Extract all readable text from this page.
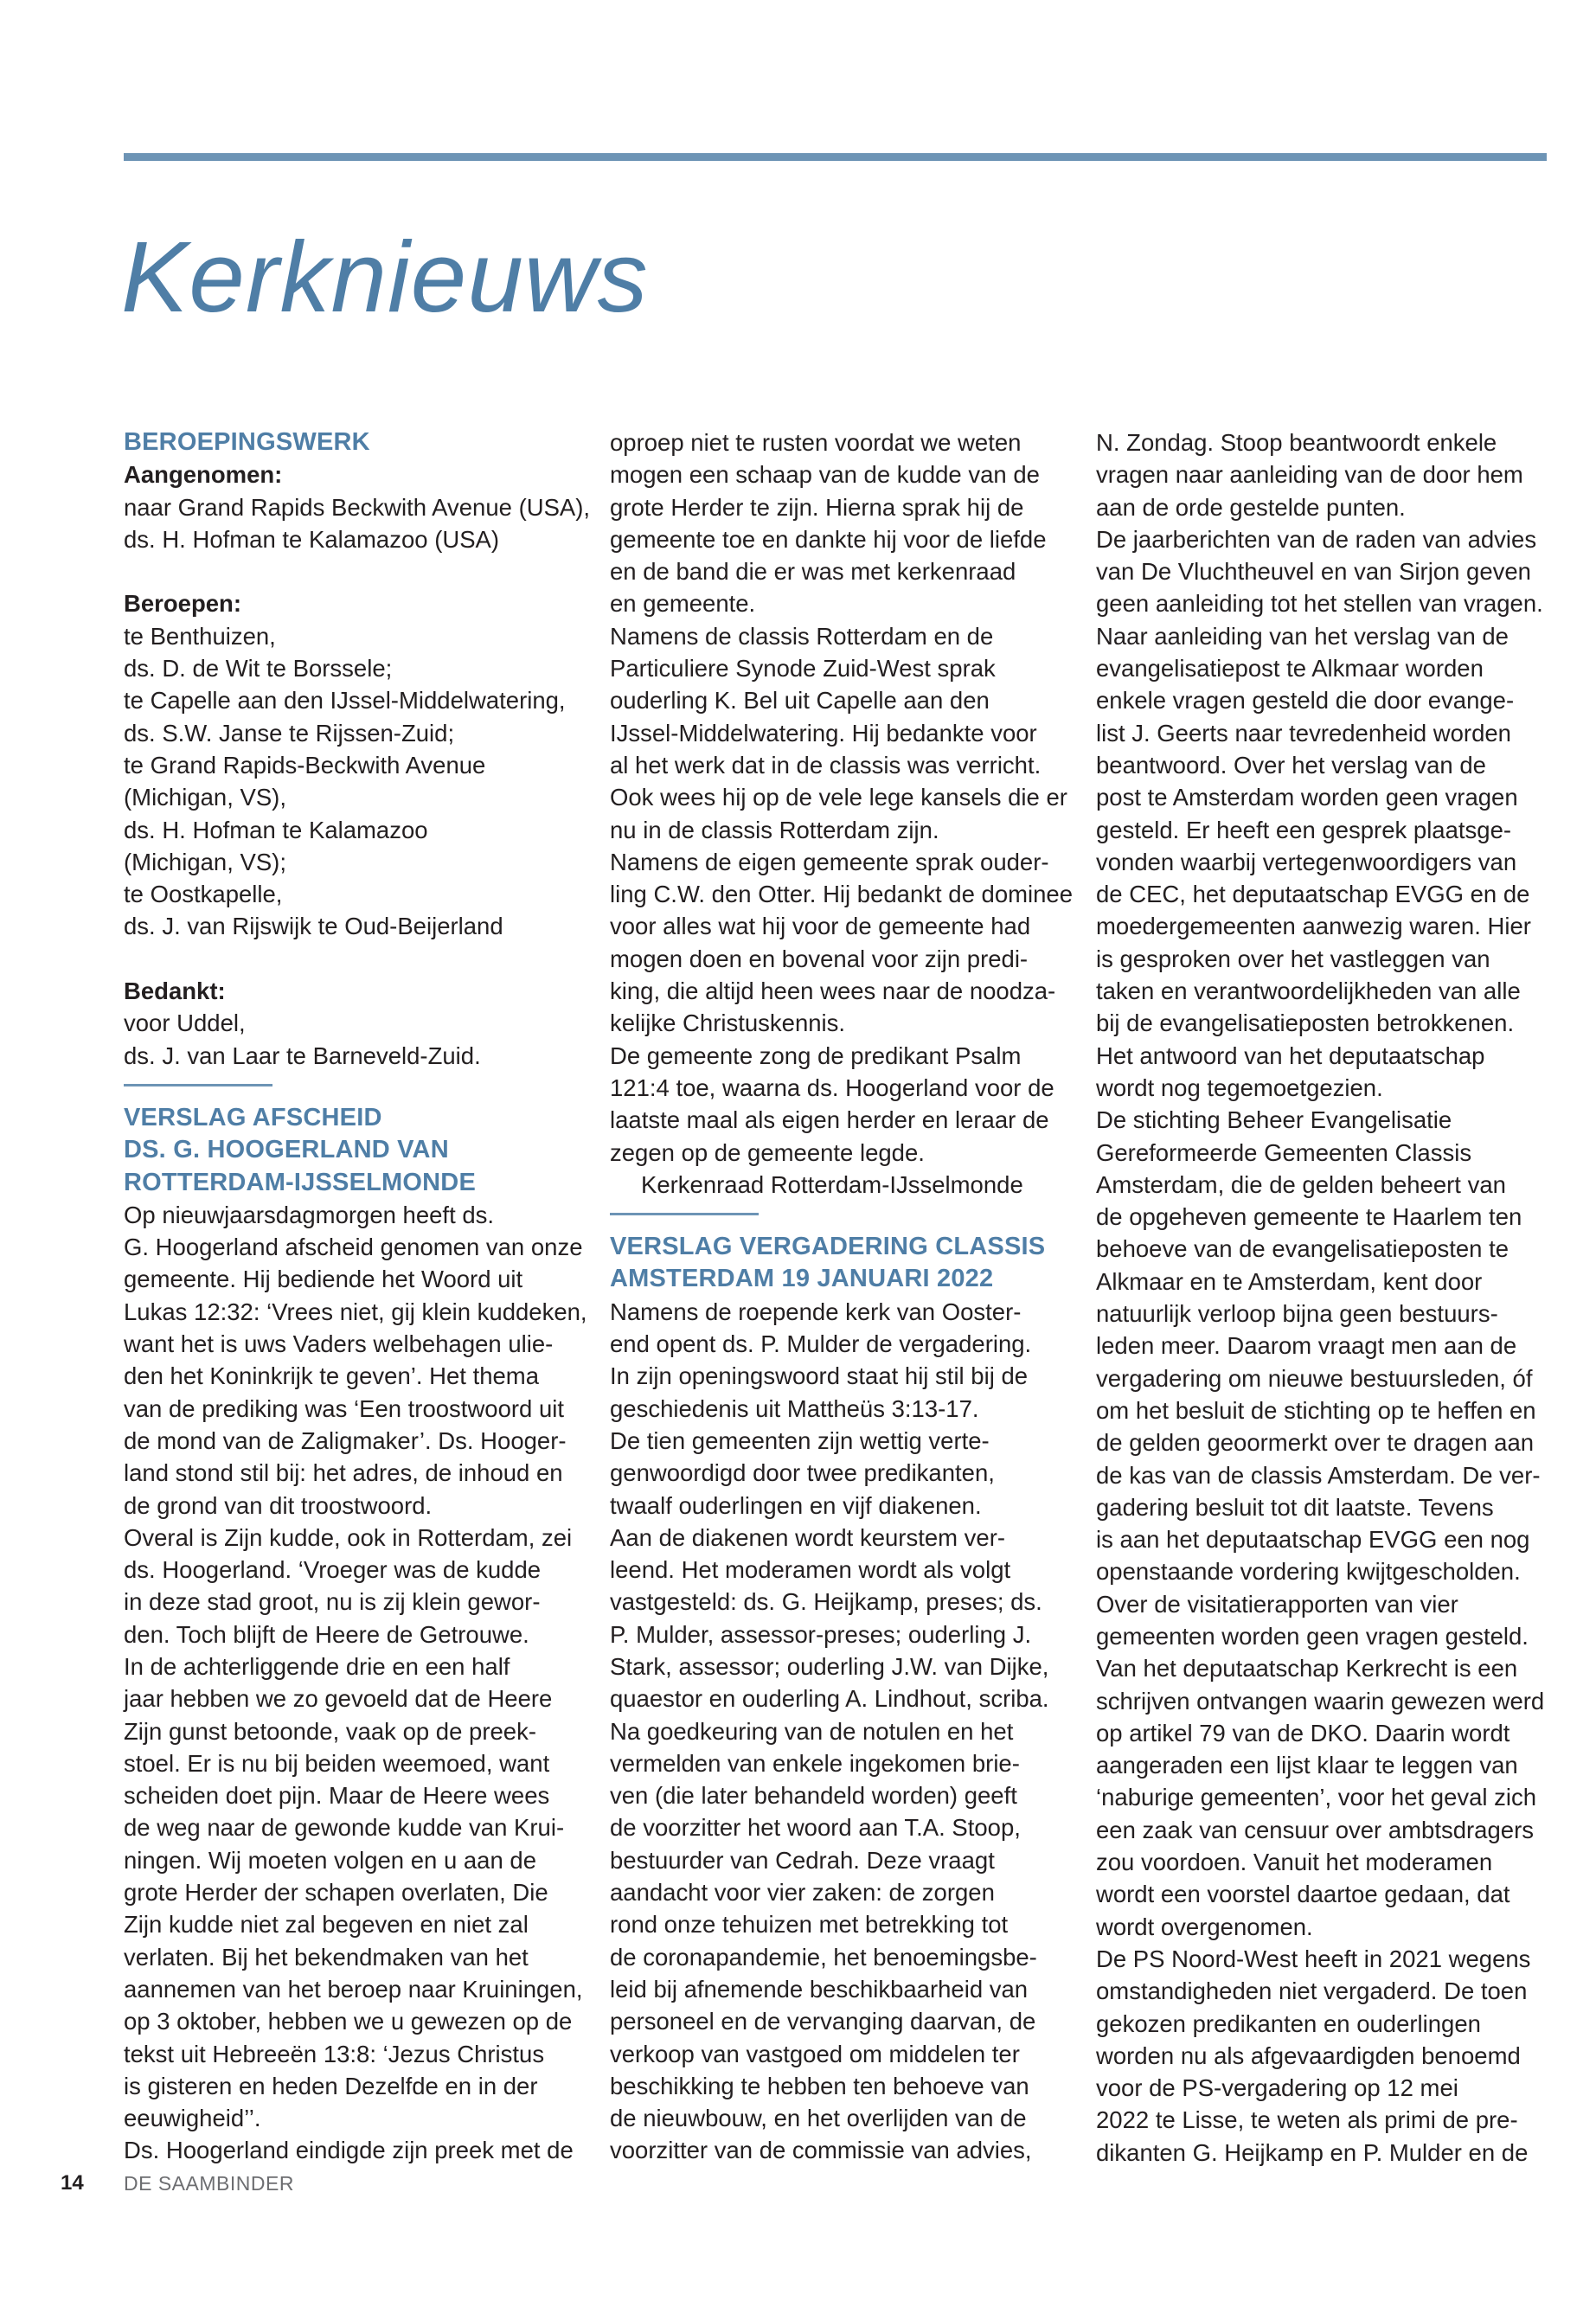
Kerknieuws
BEROEPINGSWERK
Aangenomen:
naar Grand Rapids Beckwith Avenue (USA),
ds. H. Hofman te Kalamazoo (USA)
Beroepen:
te Benthuizen,
ds. D. de Wit te Borssele;
te Capelle aan den IJssel-Middelwatering,
ds. S.W. Janse te Rijssen-Zuid;
te Grand Rapids-Beckwith Avenue
(Michigan, VS),
ds. H. Hofman te Kalamazoo
(Michigan, VS);
te Oostkapelle,
ds. J. van Rijswijk te Oud-Beijerland
Bedankt:
voor Uddel,
ds. J. van Laar te Barneveld-Zuid.
VERSLAG AFSCHEID
DS. G. HOOGERLAND VAN
ROTTERDAM-IJSSELMONDE
Op nieuwjaarsdagmorgen heeft ds.
G. Hoogerland afscheid genomen van onze
gemeente. Hij bediende het Woord uit
Lukas 12:32: ‘Vrees niet, gij klein kuddeken,
want het is uws Vaders welbehagen ulie-
den het Koninkrijk te geven’. Het thema
van de prediking was ‘Een troostwoord uit
de mond van de Zaligmaker’. Ds. Hooger-
land stond stil bij: het adres, de inhoud en
de grond van dit troostwoord.
Overal is Zijn kudde, ook in Rotterdam, zei
ds. Hoogerland. ‘Vroeger was de kudde
in deze stad groot, nu is zij klein gewor-
den. Toch blijft de Heere de Getrouwe.
In de achterliggende drie en een half
jaar hebben we zo gevoeld dat de Heere
Zijn gunst betoonde, vaak op de preek-
stoel. Er is nu bij beiden weemoed, want
scheiden doet pijn. Maar de Heere wees
de weg naar de gewonde kudde van Krui-
ningen. Wij moeten volgen en u aan de
grote Herder der schapen overlaten, Die
Zijn kudde niet zal begeven en niet zal
verlaten. Bij het bekendmaken van het
aannemen van het beroep naar Kruiningen,
op 3 oktober, hebben we u gewezen op de
tekst uit Hebreeën 13:8: ‘Jezus Christus
is gisteren en heden Dezelfde en in der
eeuwigheid’’.
Ds. Hoogerland eindigde zijn preek met de
oproep niet te rusten voordat we weten
mogen een schaap van de kudde van de
grote Herder te zijn. Hierna sprak hij de
gemeente toe en dankte hij voor de liefde
en de band die er was met kerkenraad
en gemeente.
Namens de classis Rotterdam en de
Particuliere Synode Zuid-West sprak
ouderling K. Bel uit Capelle aan den
IJssel-Middelwatering. Hij bedankte voor
al het werk dat in de classis was verricht.
Ook wees hij op de vele lege kansels die er
nu in de classis Rotterdam zijn.
Namens de eigen gemeente sprak ouder-
ling C.W. den Otter. Hij bedankt de dominee
voor alles wat hij voor de gemeente had
mogen doen en bovenal voor zijn predi-
king, die altijd heen wees naar de noodza-
kelijke Christuskennis.
De gemeente zong de predikant Psalm
121:4 toe, waarna ds. Hoogerland voor de
laatste maal als eigen herder en leraar de
zegen op de gemeente legde.
Kerkenraad Rotterdam-IJsselmonde
VERSLAG VERGADERING CLASSIS
AMSTERDAM 19 JANUARI 2022
Namens de roepende kerk van Ooster-
end opent ds. P. Mulder de vergadering.
In zijn openingswoord staat hij stil bij de
geschiedenis uit Mattheüs 3:13-17.
De tien gemeenten zijn wettig verte-
genwoordigd door twee predikanten,
twaalf ouderlingen en vijf diakenen.
Aan de diakenen wordt keurstem ver-
leend. Het moderamen wordt als volgt
vastgesteld: ds. G. Heijkamp, preses; ds.
P. Mulder, assessor-preses; ouderling J.
Stark, assessor; ouderling J.W. van Dijke,
quaestor en ouderling A. Lindhout, scriba.
Na goedkeuring van de notulen en het
vermelden van enkele ingekomen brie-
ven (die later behandeld worden) geeft
de voorzitter het woord aan T.A. Stoop,
bestuurder van Cedrah. Deze vraagt
aandacht voor vier zaken: de zorgen
rond onze tehuizen met betrekking tot
de coronapandemie, het benoemingsbe-
leid bij afnemende beschikbaarheid van
personeel en de vervanging daarvan, de
verkoop van vastgoed om middelen ter
beschikking te hebben ten behoeve van
de nieuwbouw, en het overlijden van de
voorzitter van de commissie van advies,
N. Zondag. Stoop beantwoordt enkele
vragen naar aanleiding van de door hem
aan de orde gestelde punten.
De jaarberichten van de raden van advies
van De Vluchtheuvel en van Sirjon geven
geen aanleiding tot het stellen van vragen.
Naar aanleiding van het verslag van de
evangelisatiepost te Alkmaar worden
enkele vragen gesteld die door evange-
list J. Geerts naar tevredenheid worden
beantwoord. Over het verslag van de
post te Amsterdam worden geen vragen
gesteld. Er heeft een gesprek plaatsge-
vonden waarbij vertegenwoordigers van
de CEC, het deputaatschap EVGG en de
moedergemeenten aanwezig waren. Hier
is gesproken over het vastleggen van
taken en verantwoordelijkheden van alle
bij de evangelisatieposten betrokkenen.
Het antwoord van het deputaatschap
wordt nog tegemoetgezien.
De stichting Beheer Evangelisatie
Gereformeerde Gemeenten Classis
Amsterdam, die de gelden beheert van
de opgeheven gemeente te Haarlem ten
behoeve van de evangelisatieposten te
Alkmaar en te Amsterdam, kent door
natuurlijk verloop bijna geen bestuurs-
leden meer. Daarom vraagt men aan de
vergadering om nieuwe bestuursleden, óf
om het besluit de stichting op te heffen en
de gelden geoormerkt over te dragen aan
de kas van de classis Amsterdam. De ver-
gadering besluit tot dit laatste. Tevens
is aan het deputaatschap EVGG een nog
openstaande vordering kwijtgescholden.
Over de visitatierapporten van vier
gemeenten worden geen vragen gesteld.
Van het deputaatschap Kerkrecht is een
schrijven ontvangen waarin gewezen werd
op artikel 79 van de DKO. Daarin wordt
aangeraden een lijst klaar te leggen van
‘naburige gemeenten’, voor het geval zich
een zaak van censuur over ambtsdragers
zou voordoen. Vanuit het moderamen
wordt een voorstel daartoe gedaan, dat
wordt overgenomen.
De PS Noord-West heeft in 2021 wegens
omstandigheden niet vergaderd. De toen
gekozen predikanten en ouderlingen
worden nu als afgevaardigden benoemd
voor de PS-vergadering op 12 mei
2022 te Lisse, te weten als primi de pre-
dikanten G. Heijkamp en P. Mulder en de
14 DE SAAMBINDER
